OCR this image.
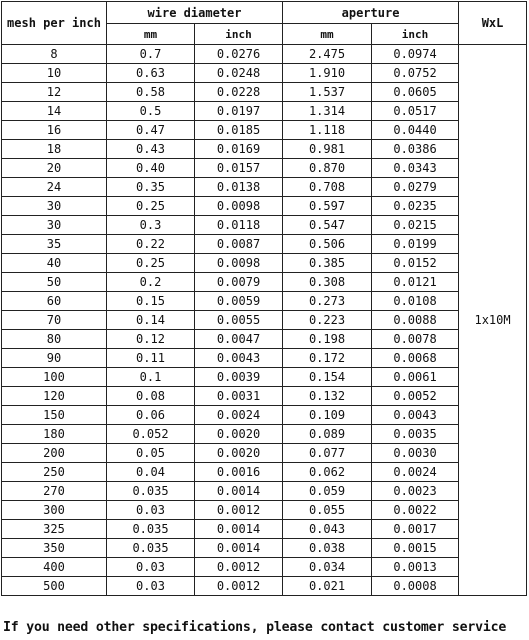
mesh per inch	wire diameter		aperture		WxL
	mm	inch	mm	inch	
8	0.7	0.0276	2.475	0.0974	1x10M
10	0.63	0.0248	1.910	0.0752	
12	0.58	0.0228	1.537	0.0605	
14	0.5	0.0197	1.314	0.0517	
16	0.47	0.0185	1.118	0.0440	
18	0.43	0.0169	0.981	0.0386	
20	0.40	0.0157	0.870	0.0343	
24	0.35	0.0138	0.708	0.0279	
30	0.25	0.0098	0.597	0.0235	
30	0.3	0.0118	0.547	0.0215	
35	0.22	0.0087	0.506	0.0199	
40	0.25	0.0098	0.385	0.0152	
50	0.2	0.0079	0.308	0.0121	
60	0.15	0.0059	0.273	0.0108	
70	0.14	0.0055	0.223	0.0088	
80	0.12	0.0047	0.198	0.0078	
90	0.11	0.0043	0.172	0.0068	
100	0.1	0.0039	0.154	0.0061	
120	0.08	0.0031	0.132	0.0052	
150	0.06	0.0024	0.109	0.0043	
180	0.052	0.0020	0.089	0.0035	
200	0.05	0.0020	0.077	0.0030	
250	0.04	0.0016	0.062	0.0024	
270	0.035	0.0014	0.059	0.0023	
300	0.03	0.0012	0.055	0.0022	
325	0.035	0.0014	0.043	0.0017	
350	0.035	0.0014	0.038	0.0015	
400	0.03	0.0012	0.034	0.0013	
500	0.03	0.0012	0.021	0.0008	
If you need other specifications, please contact customer service
